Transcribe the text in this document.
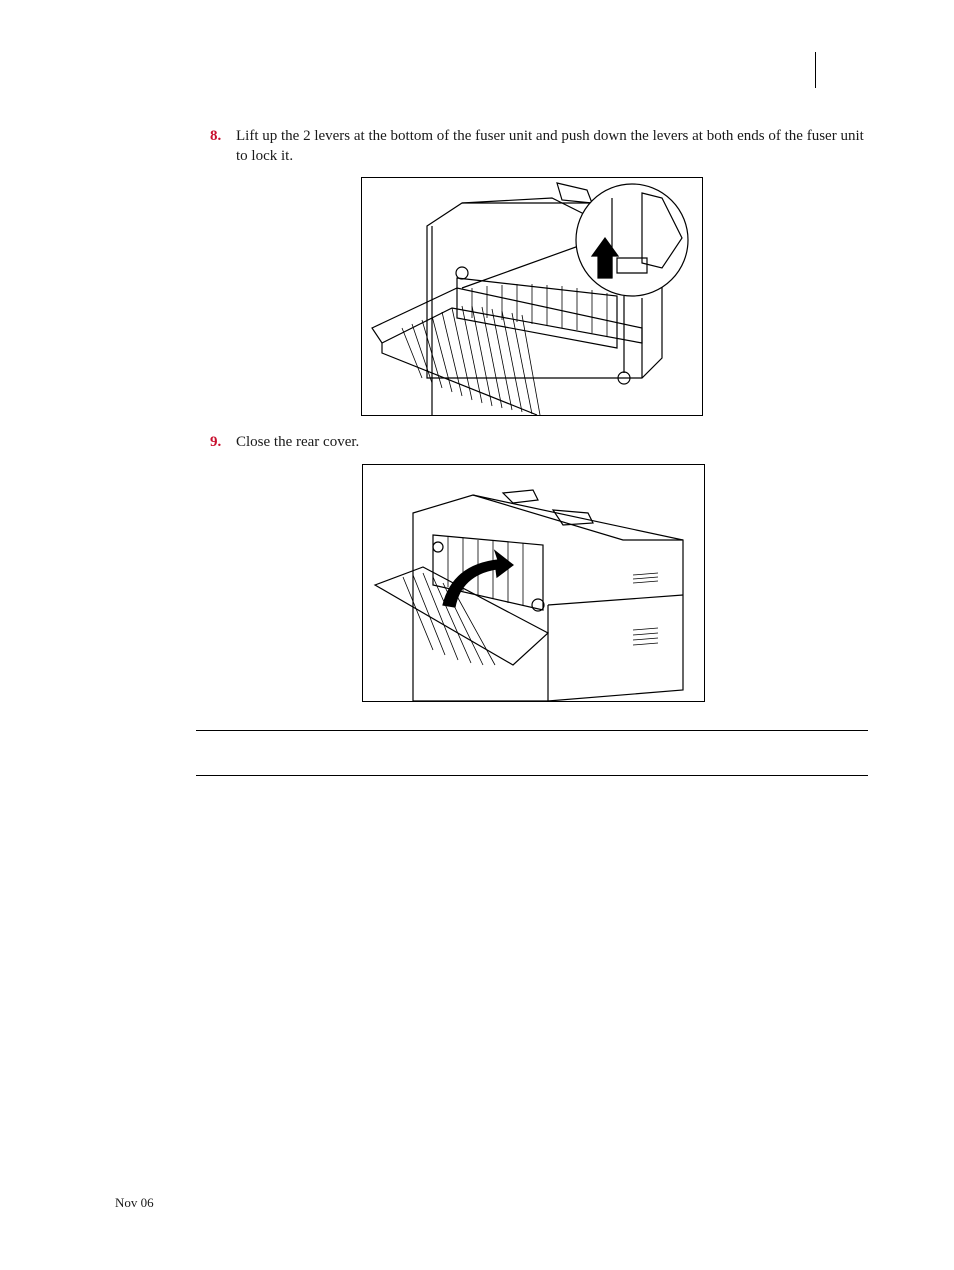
8. Lift up the 2 levers at the bottom of the fuser unit and push down the levers at both ends of the fuser unit to lock it.
9. Close the rear cover.
Nov 06
